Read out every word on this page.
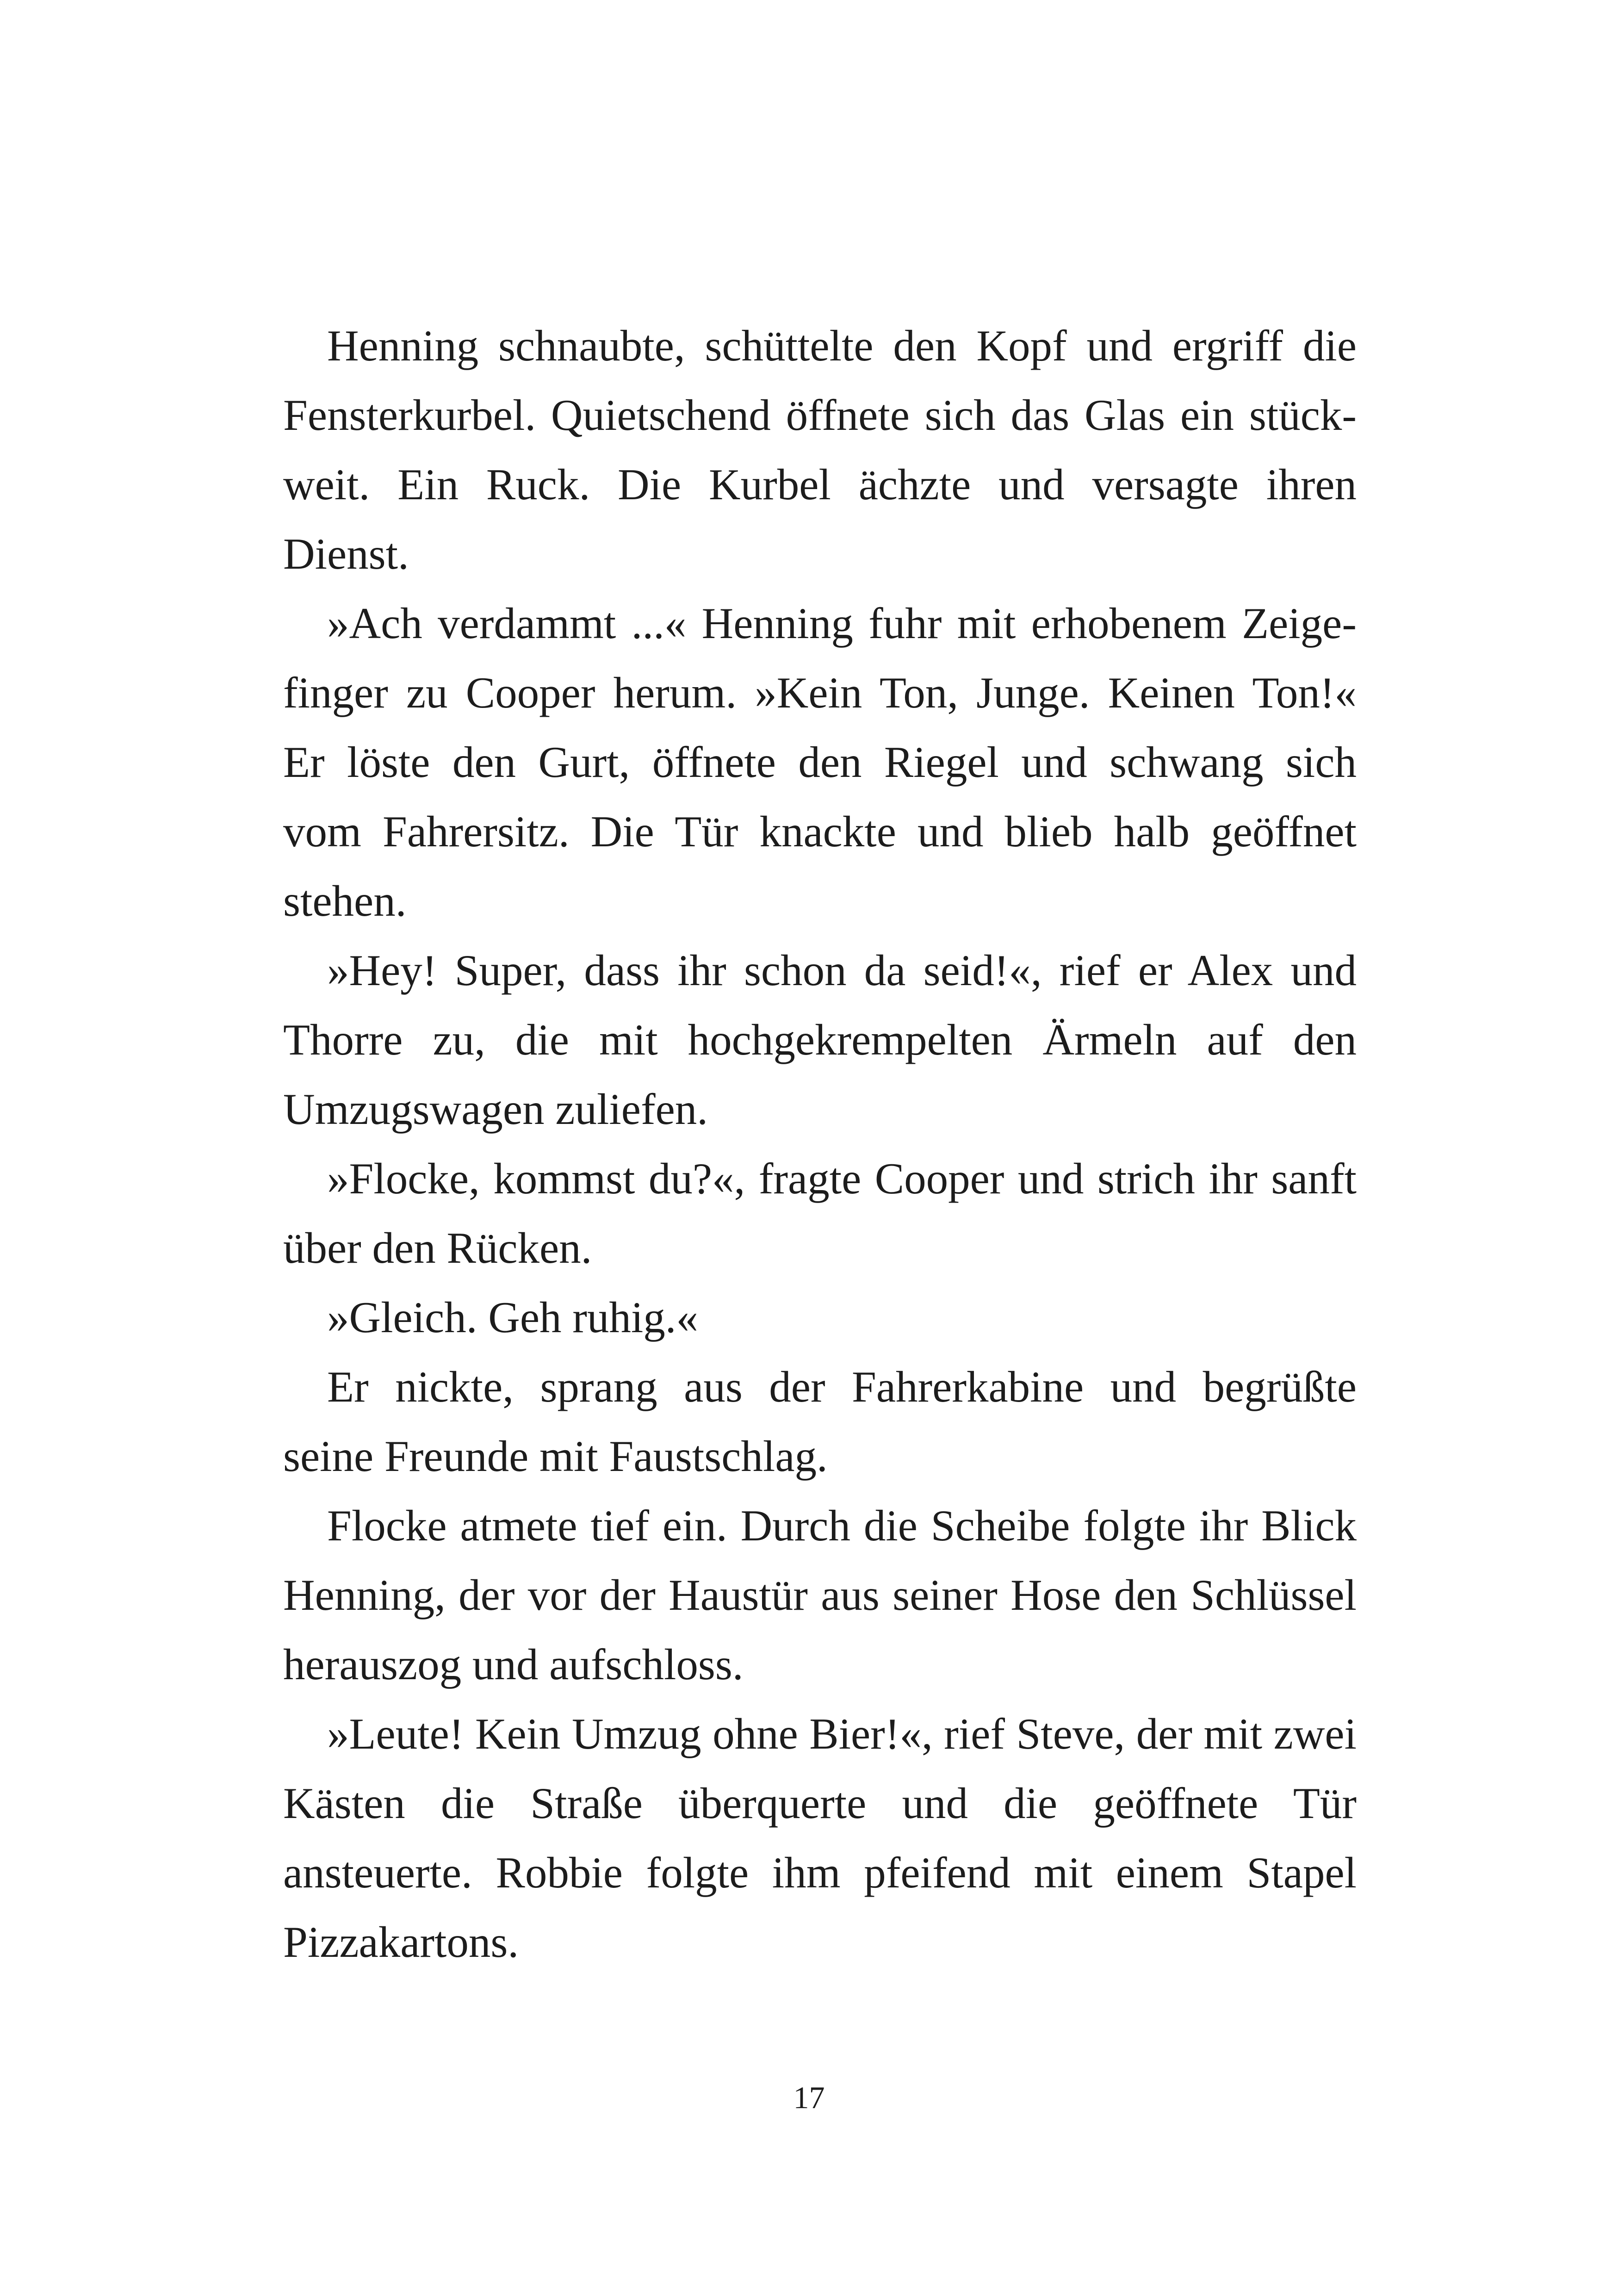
Henning schnaubte, schüttelte den Kopf und ergriff die
Fensterkurbel. Quietschend öffnete sich das Glas ein stück-
weit. Ein Ruck. Die Kurbel ächzte und versagte ihren
Dienst.

»Ach verdammt ...« Henning fuhr mit erhobenem Zeige-
finger zu Cooper herum. »Kein Ton, Junge. Keinen Ton!«
Er löste den Gurt, öffnete den Riegel und schwang sich
vom Fahrersitz. Die Tür knackte und blieb halb geöffnet
stehen.

»Hey! Super, dass ihr schon da seid!«, rief er Alex und
Thorre zu, die mit hochgekrempelten Ärmeln auf den
Umzugswagen zuliefen.

»Flocke, kommst du?«, fragte Cooper und strich ihr sanft
über den Rücken.

»Gleich. Geh ruhig.«

Er nickte, sprang aus der Fahrerkabine und begrüßte
seine Freunde mit Faustschlag.

Flocke atmete tief ein. Durch die Scheibe folgte ihr Blick
Henning, der vor der Haustür aus seiner Hose den Schlüssel
herauszog und aufschloss.

»Leute! Kein Umzug ohne Bier!«, rief Steve, der mit zwei
Kästen die Straße überquerte und die geöffnete Tür
ansteuerte. Robbie folgte ihm pfeifend mit einem Stapel
Pizzakartons.

17
